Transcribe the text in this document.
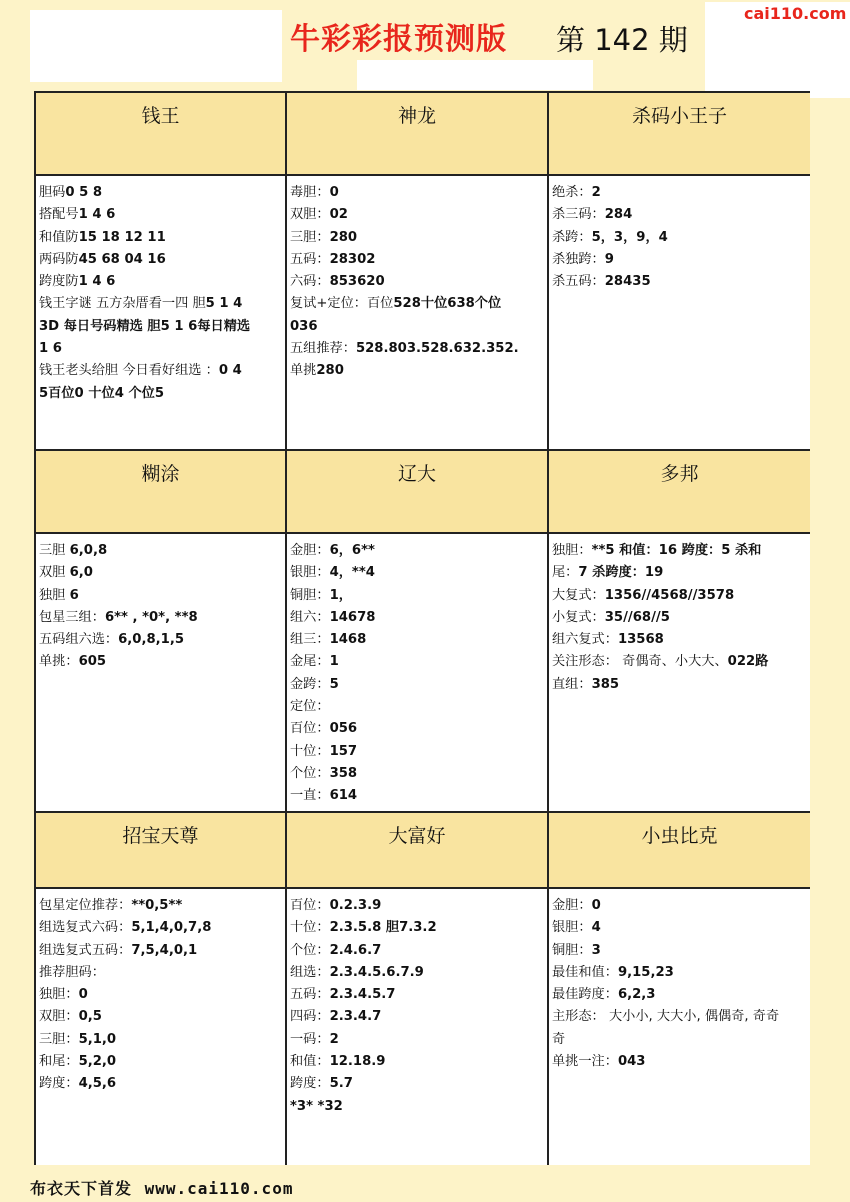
牛彩彩报预测版 第 142 期
cai110.com
钱王
胆码0 5 8
搭配号1 4 6
和值防15 18 12 11
两码防45 68 04 16
跨度防1 4 6
钱王字谜 五方杂厝看一四 胆5 1 4
3D 每日号码精选 胆5 1 6每日精选
1 6
钱王老头给胆 今日看好组选 ：0 4
5百位0 十位4 个位5
神龙
毒胆：0
双胆：02
三胆：280
五码：28302
六码：853620
复试+定位：百位528十位638个位
036
五组推荐：528.803.528.632.352.
单挑280
杀码小王子
绝杀：2
杀三码：284
杀跨：5，3，9，4
杀独跨：9
杀五码：28435
糊涂
三胆 6,0,8
双胆 6,0
独胆 6
包星三组：6** , *0*, **8
五码组六选：6,0,8,1,5
单挑：605
辽大
金胆：6，6**
银胆：4，**4
铜胆：1，
组六：14678
组三：1468
金尾：1
金跨：5
定位：
百位：056
十位：157
个位：358
一直：614
多邦
独胆：**5 和值：16 跨度：5 杀和
尾：7 杀跨度：19
大复式：1356//4568//3578
小复式：35//68//5
组六复式：13568
关注形态： 奇偶奇、小大大、022路
直组：385
招宝天尊
包星定位推荐：**0,5**
组选复式六码：5,1,4,0,7,8
组选复式五码：7,5,4,0,1
推荐胆码：
独胆：0
双胆：0,5
三胆：5,1,0
和尾：5,2,0
跨度：4,5,6
大富好
百位：0.2.3.9
十位：2.3.5.8 胆7.3.2
个位：2.4.6.7
组选：2.3.4.5.6.7.9
五码：2.3.4.5.7
四码：2.3.4.7
一码：2
和值：12.18.9
跨度：5.7
*3* *32
小虫比克
金胆：0
银胆：4
铜胆：3
最佳和值：9,15,23
最佳跨度：6,2,3
主形态： 大小小, 大大小, 偶偶奇, 奇奇
奇
单挑一注：043
布衣天下首发 www.cai110.com
